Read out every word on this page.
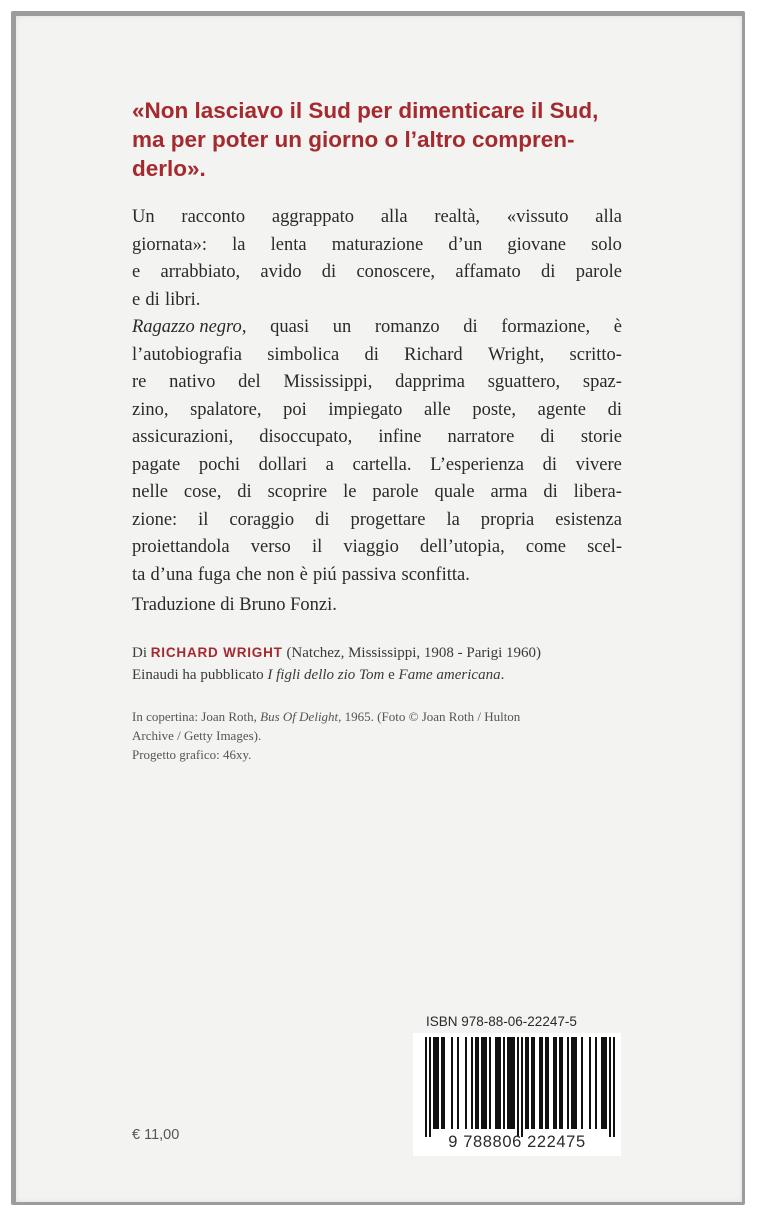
«Non lasciavo il Sud per dimenticare il Sud,
ma per poter un giorno o l’altro compren-
derlo».
Un racconto aggrappato alla realtà, «vissuto alla
giornata»: la lenta maturazione d’un giovane solo
e arrabbiato, avido di conoscere, affamato di parole
e di libri.
Ragazzo negro, quasi un romanzo di formazione, è
l’autobiografia simbolica di Richard Wright, scritto-
re nativo del Mississippi, dapprima sguattero, spaz-
zino, spalatore, poi impiegato alle poste, agente di
assicurazioni, disoccupato, infine narratore di storie
pagate pochi dollari a cartella. L’esperienza di vivere
nelle cose, di scoprire le parole quale arma di libera-
zione: il coraggio di progettare la propria esistenza
proiettandola verso il viaggio dell’utopia, come scel-
ta d’una fuga che non è piú passiva sconfitta.
Traduzione di Bruno Fonzi.
Di RICHARD WRIGHT (Natchez, Mississippi, 1908 - Parigi 1960)
Einaudi ha pubblicato I figli dello zio Tom e Fame americana.
In copertina: Joan Roth, Bus Of Delight, 1965. (Foto © Joan Roth / Hulton
Archive / Getty Images).
Progetto grafico: 46xy.
ISBN 978-88-06-22247-5
9 788806 222475
€ 11,00
